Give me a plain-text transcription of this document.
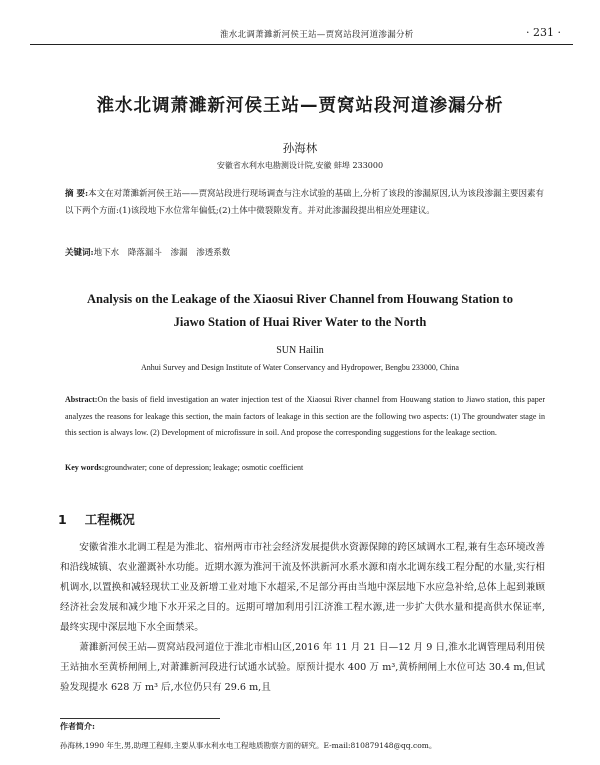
淮水北调萧濉新河侯王站—贾窝站段河道渗漏分析	· 231 ·
淮水北调萧濉新河侯王站—贾窝站段河道渗漏分析
孙海林
安徽省水利水电勘测设计院,安徽 蚌埠 233000
摘 要:本文在对萧濉新河侯王站——贾窝站段进行现场调查与注水试验的基础上,分析了该段的渗漏原因,认为该段渗漏主要因素有以下两个方面:(1)该段地下水位常年偏低;(2)土体中微裂隙发育。并对此渗漏段提出相应处理建议。
关键词:地下水 降落漏斗 渗漏 渗透系数
Analysis on the Leakage of the Xiaosui River Channel from Houwang Station to
Jiawo Station of Huai River Water to the North
SUN Hailin
Anhui Survey and Design Institute of Water Conservancy and Hydropower, Bengbu 233000, China
Abstract:On the basis of field investigation an water injection test of the Xiaosui River channel from Houwang station to Jiawo station, this paper analyzes the reasons for leakage this section, the main factors of leakage in this section are the following two aspects: (1) The groundwater stage in this section is always low. (2) Development of microfissure in soil. And propose the corresponding suggestions for the leakage section.
Key words:groundwater; cone of depression; leakage; osmotic coefficient
1 工程概况

安徽省淮水北调工程是为淮北、宿州两市市社会经济发展提供水资源保障的跨区域调水工程,兼有生态环境改善和沿线城镇、农业灌溉补水功能。近期水源为淮河干流及怀洪新河水系水源和南水北调东线工程分配的水量,实行相机调水,以置换和减轻现状工业及新增工业对地下水超采,不足部分再由当地中深层地下水应急补给,总体上起到兼顾经济社会发展和减少地下水开采之目的。远期可增加利用引江济淮工程水源,进一步扩大供水量和提高供水保证率,最终实现中深层地下水全面禁采。

萧濉新河侯王站—贾窝站段河道位于淮北市相山区,2016 年 11 月 21 日—12 月 9 日,淮水北调管理局利用侯王站抽水至黄桥闸闸上,对萧濉新河段进行试通水试验。原预计提水 400 万 m³,黄桥闸闸上水位可达 30.4 m,但试验发现提水 628 万 m³ 后,水位仍只有 29.6 m,且

作者简介:
孙海林,1990 年生,男,助理工程师,主要从事水利水电工程地质勘察方面的研究。E-mail:810879148@qq.com。
